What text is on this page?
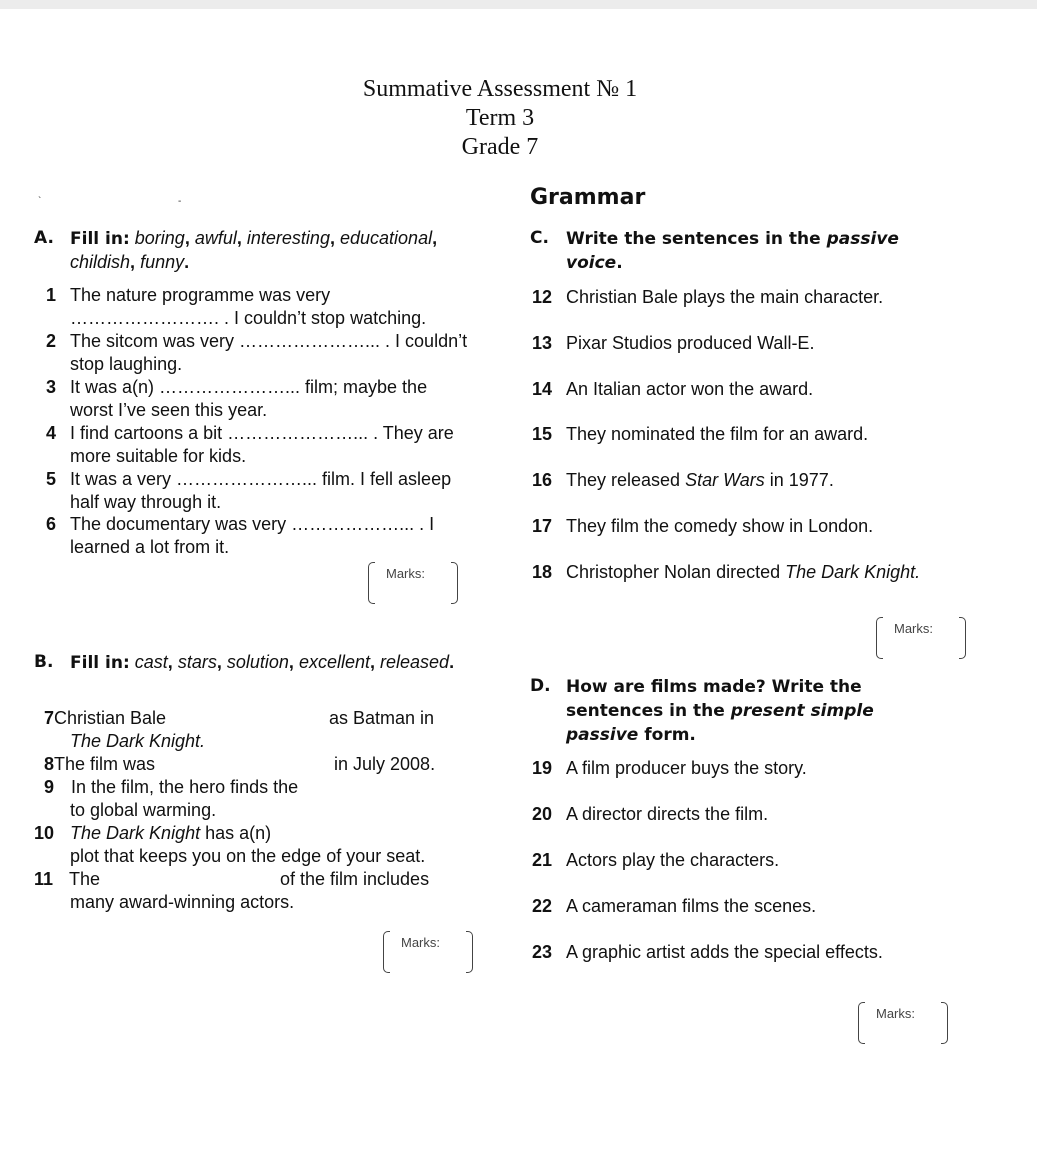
Summative Assessment № 1
Term 3
Grade 7
`	-	Grammar
A. Fill in: boring, awful, interesting, educational, childish, funny.
1 The nature programme was very ……………………. . I couldn’t stop watching.
2 The sitcom was very …………………... . I couldn’t stop laughing.
3 It was a(n) …………………... film; maybe the worst I’ve seen this year.
4 I find cartoons a bit …………………... . They are more suitable for kids.
5 It was a very …………………... film. I fell asleep half way through it.
6 The documentary was very ………………... . I learned a lot from it.
Marks:
B. Fill in: cast, stars, solution, excellent, released.
7Christian Bale	as Batman in
The Dark Knight.
8The film was	in July 2008.
9 In the film, the hero finds the
to global warming.
10 The Dark Knight has a(n)
plot that keeps you on the edge of your seat.
11 The	of the film includes
many award-winning actors.
Marks:
C. Write the sentences in the passive
voice.
12 Christian Bale plays the main character.
13 Pixar Studios produced Wall-E.
14 An Italian actor won the award.
15 They nominated the film for an award.
16 They released Star Wars in 1977.
17 They film the comedy show in London.
18 Christopher Nolan directed The Dark Knight.
Marks:
D. How are films made? Write the sentences in the present simple passive form.
19 A film producer buys the story.
20 A director directs the film.
21 Actors play the characters.
22 A cameraman films the scenes.
23 A graphic artist adds the special effects.
Marks:
